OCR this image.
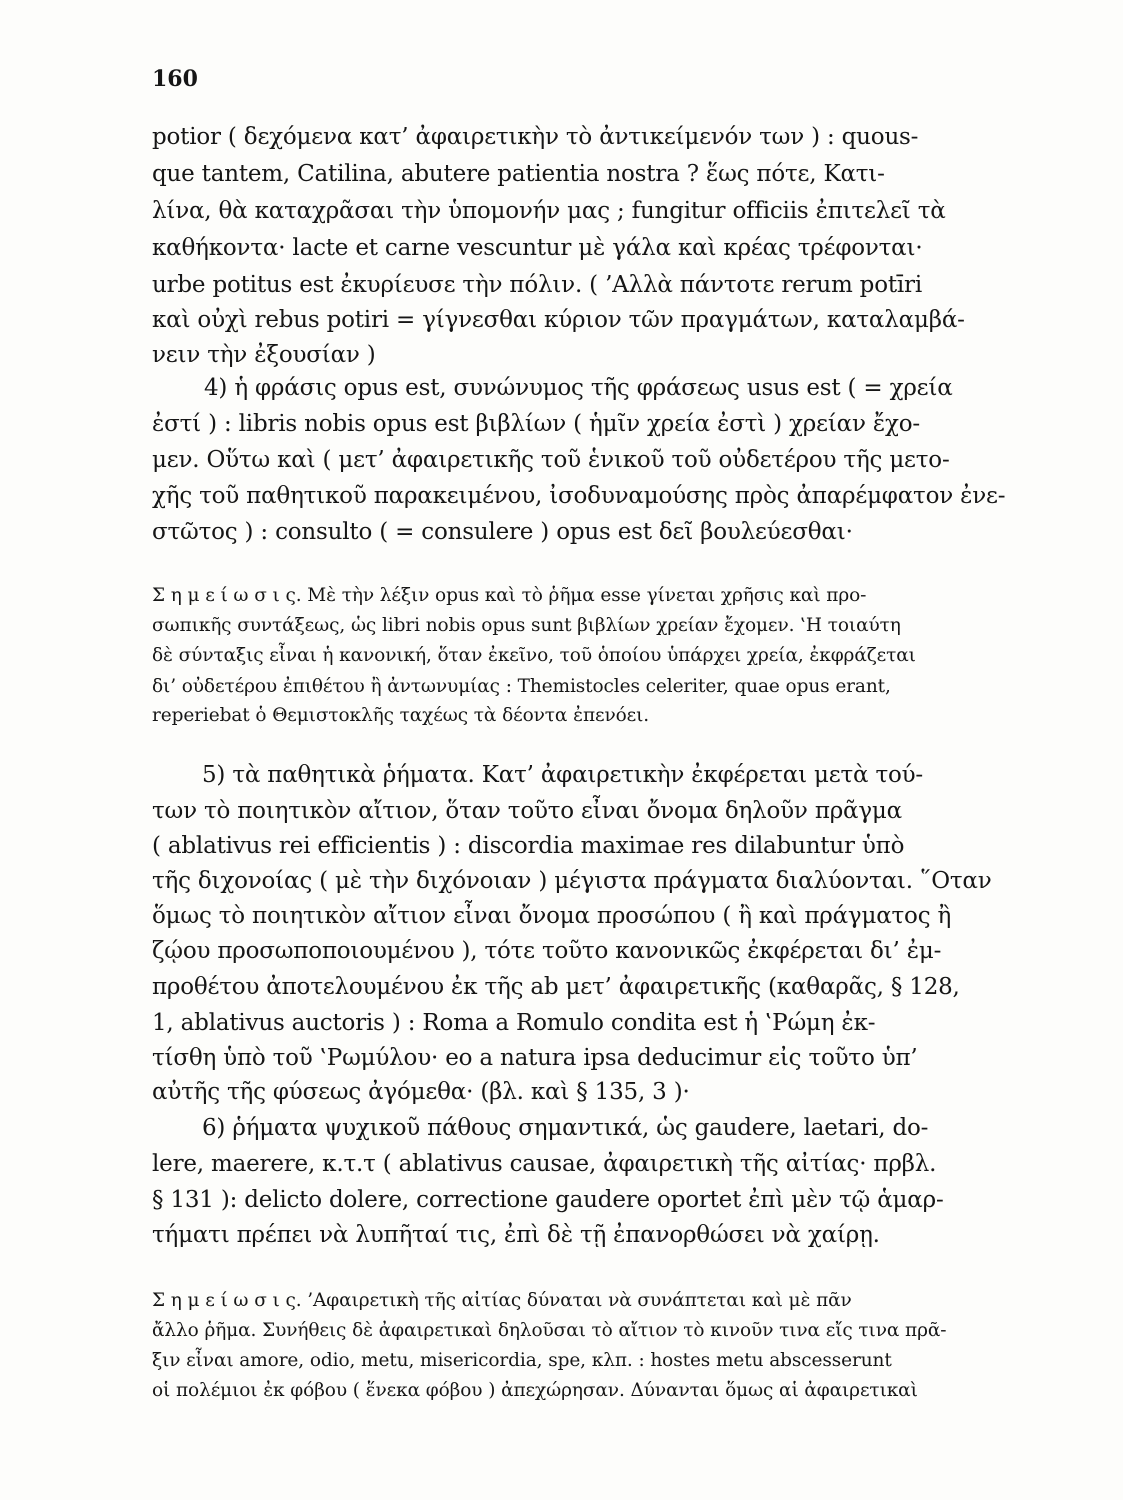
160
potior ( δεχόμενα κατ’ ἀφαιρετικὴν τὸ ἀντικείμενόν των ) : quous-
que tantem, Catilina, abutere patientia nostra ? ἕως πότε, Κατι-
λίνα, θὰ καταχρᾶσαι τὴν ὑπομονήν μας ; fungitur officiis ἐπιτελεῖ τὰ
καθήκοντα· lacte et carne vescuntur μὲ γάλα καὶ κρέας τρέφονται·
urbe potitus est ἐκυρίευσε τὴν πόλιν. ( ’Αλλὰ πάντοτε rerum potīri
καὶ οὐχὶ rebus potiri = γίγνεσθαι κύριον τῶν πραγμάτων, καταλαμβά-
νειν τὴν ἐξουσίαν )
4) ἡ φράσις opus est, συνώνυμος τῆς φράσεως usus est ( = χρεία
ἐστί ) : libris nobis opus est βιβλίων ( ἡμῖν χρεία ἐστὶ ) χρείαν ἔχο-
μεν. Οὕτω καὶ ( μετ’ ἀφαιρετικῆς τοῦ ἑνικοῦ τοῦ οὐδετέρου τῆς μετο-
χῆς τοῦ παθητικοῦ παρακειμένου, ἰσοδυναμούσης πρὸς ἀπαρέμφατον ἐνε-
στῶτος ) : consulto ( = consulere ) opus est δεῖ βουλεύεσθαι·
Σ η μ ε ί ω σ ι ς. Μὲ τὴν λέξιν opus καὶ τὸ ῥῆμα esse γίνεται χρῆσις καὶ προ-
σωπικῆς συντάξεως, ὡς libri nobis opus sunt βιβλίων χρείαν ἔχομεν. ‛Η τοιαύτη
δὲ σύνταξις εἶναι ἡ κανονική, ὅταν ἐκεῖνο, τοῦ ὁποίου ὑπάρχει χρεία, ἐκφράζεται
δι’ οὐδετέρου ἐπιθέτου ἢ ἀντωνυμίας : Themistocles celeriter, quae opus erant,
reperiebat ὁ Θεμιστοκλῆς ταχέως τὰ δέοντα ἐπενόει.
5) τὰ παθητικὰ ῥήματα. Κατ’ ἀφαιρετικὴν ἐκφέρεται μετὰ τού-
των τὸ ποιητικὸν αἴτιον, ὅταν τοῦτο εἶναι ὄνομα δηλοῦν πρᾶγμα
( ablativus rei efficientis ) : discordia maximae res dilabuntur ὑπὸ
τῆς διχονοίας ( μὲ τὴν διχόνοιαν ) μέγιστα πράγματα διαλύονται. ῞Οταν
ὅμως τὸ ποιητικὸν αἴτιον εἶναι ὄνομα προσώπου ( ἢ καὶ πράγματος ἢ
ζῴου προσωποποιουμένου ), τότε τοῦτο κανονικῶς ἐκφέρεται δι’ ἐμ-
προθέτου ἀποτελουμένου ἐκ τῆς ab μετ’ ἀφαιρετικῆς (καθαρᾶς, § 128,
1, ablativus auctoris ) : Roma a Romulo condita est ἡ ‛Ρώμη ἐκ-
τίσθη ὑπὸ τοῦ ‛Ρωμύλου· eo a natura ipsa deducimur εἰς τοῦτο ὑπ’
αὐτῆς τῆς φύσεως ἀγόμεθα· (βλ. καὶ § 135, 3 )·
6) ῥήματα ψυχικοῦ πάθους σημαντικά, ὡς gaudere, laetari, do-
lere, maerere, κ.τ.τ ( ablativus causae, ἀφαιρετικὴ τῆς αἰτίας· πρβλ.
§ 131 ): delicto dolere, correctione gaudere oportet ἐπὶ μὲν τῷ ἁμαρ-
τήματι πρέπει νὰ λυπῆταί τις, ἐπὶ δὲ τῇ ἐπανορθώσει νὰ χαίρῃ.
Σ η μ ε ί ω σ ι ς. ’Αφαιρετικὴ τῆς αἰτίας δύναται νὰ συνάπτεται καὶ μὲ πᾶν
ἄλλο ῥῆμα. Συνήθεις δὲ ἀφαιρετικαὶ δηλοῦσαι τὸ αἴτιον τὸ κινοῦν τινα εἴς τινα πρᾶ-
ξιν εἶναι amore, odio, metu, misericordia, spe, κλπ. : hostes metu abscesserunt
οἱ πολέμιοι ἐκ φόβου ( ἕνεκα φόβου ) ἀπεχώρησαν. Δύνανται ὅμως αἱ ἀφαιρετικαὶ
